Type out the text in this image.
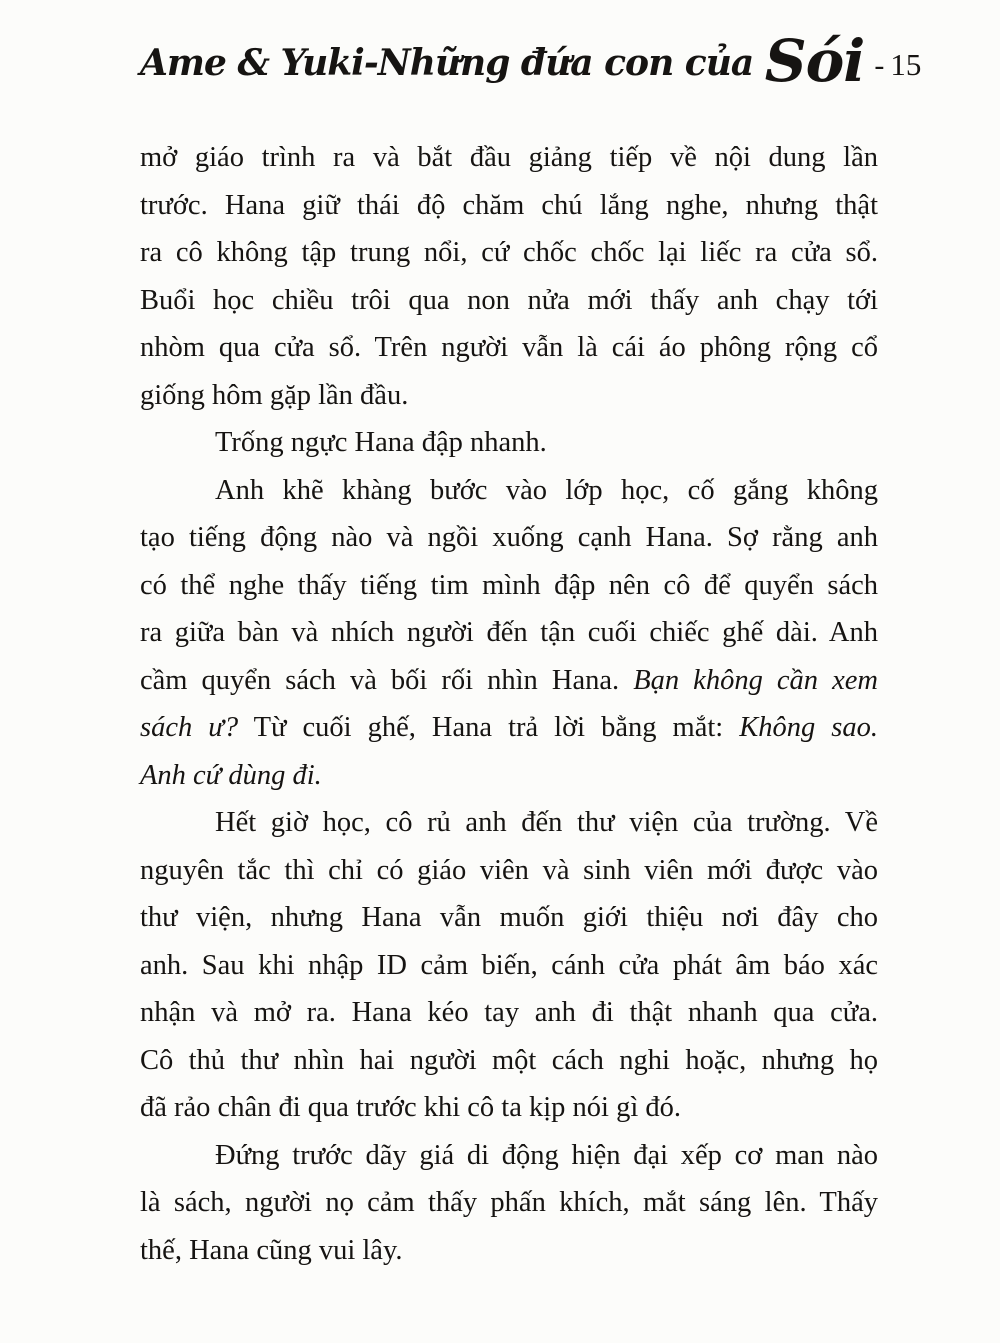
Ame & Yuki-Những đứa con của Sói - 15
mở giáo trình ra và bắt đầu giảng tiếp về nội dung lần
trước. Hana giữ thái độ chăm chú lắng nghe, nhưng thật
ra cô không tập trung nổi, cứ chốc chốc lại liếc ra cửa sổ.
Buổi học chiều trôi qua non nửa mới thấy anh chạy tới
nhòm qua cửa sổ. Trên người vẫn là cái áo phông rộng cổ
giống hôm gặp lần đầu.
Trống ngực Hana đập nhanh.
Anh khẽ khàng bước vào lớp học, cố gắng không
tạo tiếng động nào và ngồi xuống cạnh Hana. Sợ rằng anh
có thể nghe thấy tiếng tim mình đập nên cô để quyển sách
ra giữa bàn và nhích người đến tận cuối chiếc ghế dài. Anh
cầm quyển sách và bối rối nhìn Hana. Bạn không cần xem
sách ư? Từ cuối ghế, Hana trả lời bằng mắt: Không sao.
Anh cứ dùng đi.
Hết giờ học, cô rủ anh đến thư viện của trường. Về
nguyên tắc thì chỉ có giáo viên và sinh viên mới được vào
thư viện, nhưng Hana vẫn muốn giới thiệu nơi đây cho
anh. Sau khi nhập ID cảm biến, cánh cửa phát âm báo xác
nhận và mở ra. Hana kéo tay anh đi thật nhanh qua cửa.
Cô thủ thư nhìn hai người một cách nghi hoặc, nhưng họ
đã rảo chân đi qua trước khi cô ta kịp nói gì đó.
Đứng trước dãy giá di động hiện đại xếp cơ man nào
là sách, người nọ cảm thấy phấn khích, mắt sáng lên. Thấy
thế, Hana cũng vui lây.
